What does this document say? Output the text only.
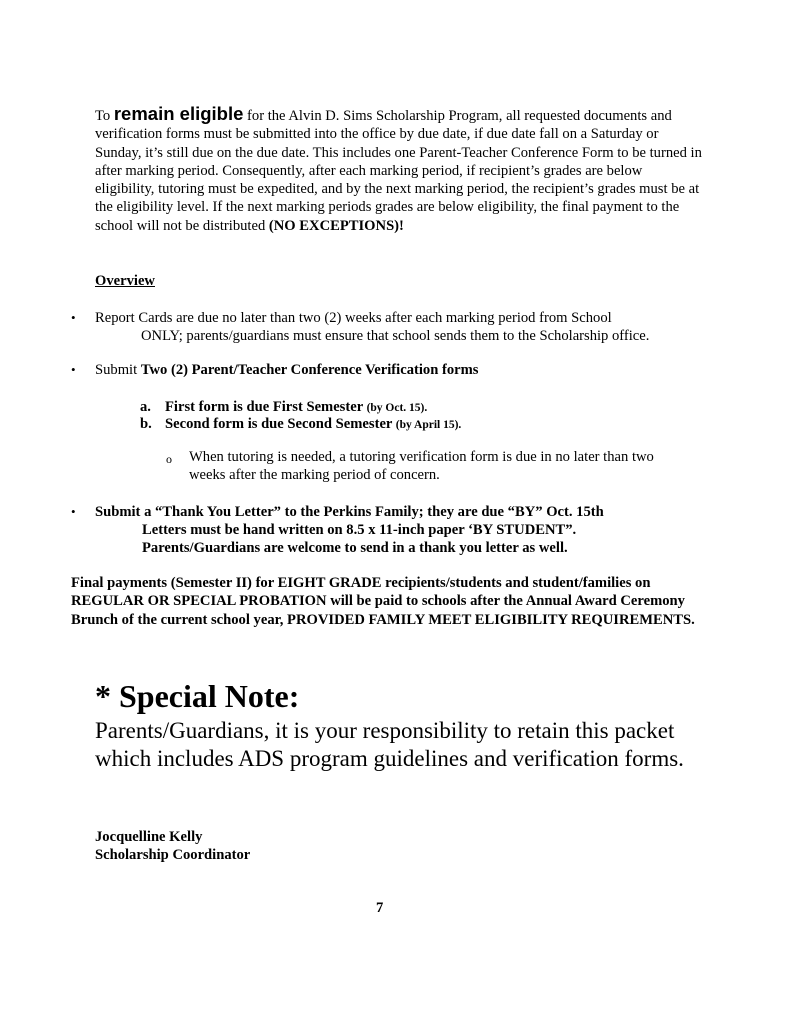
To remain eligible for the Alvin D. Sims Scholarship Program, all requested documents and verification forms must be submitted into the office by due date, if due date fall on a Saturday or Sunday, it’s still due on the due date. This includes one Parent-Teacher Conference Form to be turned in after marking period. Consequently, after each marking period, if recipient’s grades are below eligibility, tutoring must be expedited, and by the next marking period, the recipient’s grades must be at the eligibility level. If the next marking periods grades are below eligibility, the final payment to the school will not be distributed (NO EXCEPTIONS)!

Overview
• Report Cards are due no later than two (2) weeks after each marking period from School
ONLY; parents/guardians must ensure that school sends them to the Scholarship office.
• Submit Two (2) Parent/Teacher Conference Verification forms
a. First form is due First Semester (by Oct. 15).
b. Second form is due Second Semester (by April 15).
o When tutoring is needed, a tutoring verification form is due in no later than two
weeks after the marking period of concern.
• Submit a “Thank You Letter” to the Perkins Family; they are due “BY” Oct. 15th
Letters must be hand written on 8.5 x 11-inch paper ‘BY STUDENT”.
Parents/Guardians are welcome to send in a thank you letter as well.

Final payments (Semester II) for EIGHT GRADE recipients/students and student/families on REGULAR OR SPECIAL PROBATION will be paid to schools after the Annual Award Ceremony Brunch of the current school year, PROVIDED FAMILY MEET ELIGIBILITY REQUIREMENTS.

* Special Note:
Parents/Guardians, it is your responsibility to retain this packet
which includes ADS program guidelines and verification forms.
Jocquelline Kelly
Scholarship Coordinator
7
